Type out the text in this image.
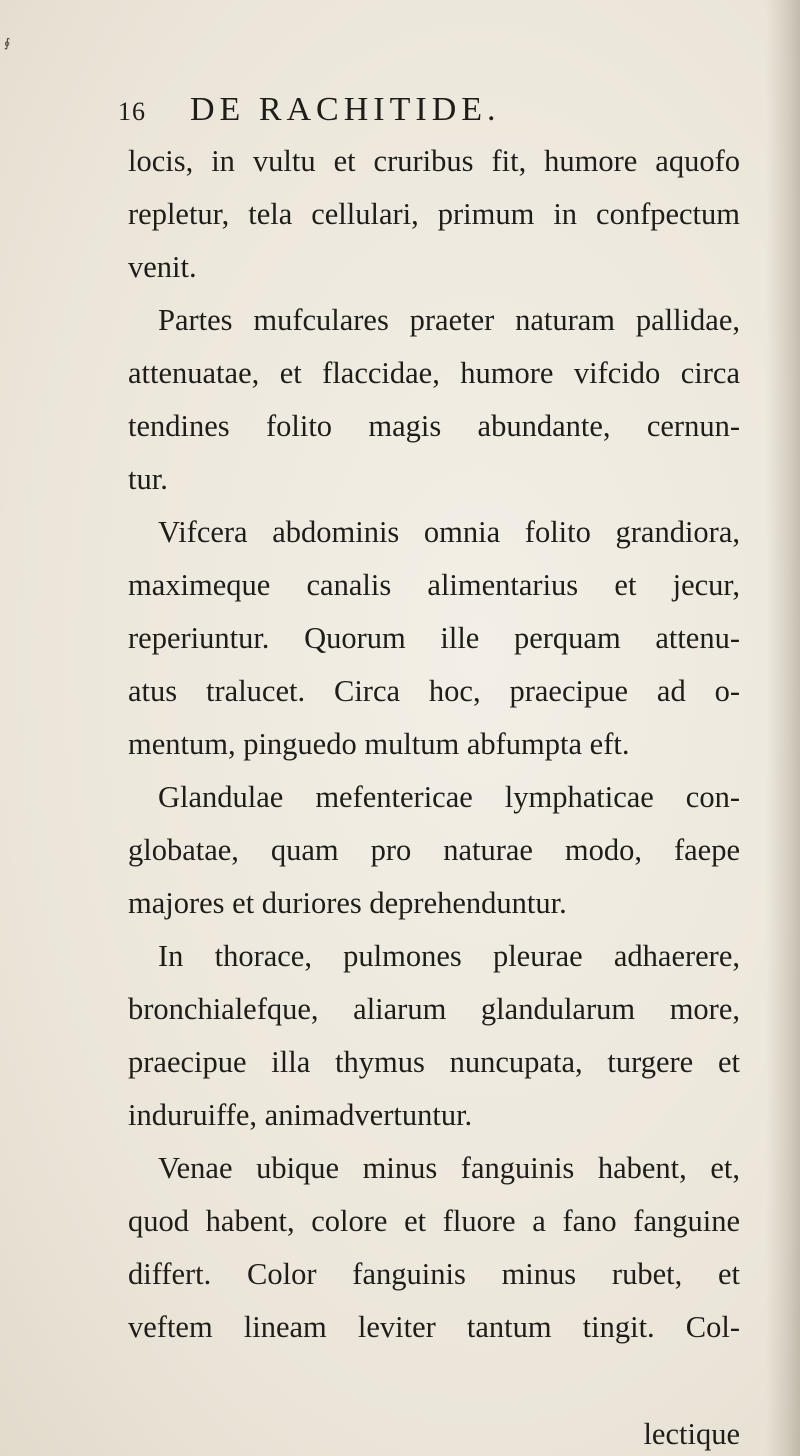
∮
16 DE RACHITIDE.
locis, in vultu et cruribus fit, humore aquofo
repletur, tela cellulari, primum in confpectum
venit.
Partes mufculares praeter naturam pallidae,
attenuatae, et flaccidae, humore vifcido circa
tendines folito magis abundante, cernun-
tur.
Vifcera abdominis omnia folito grandiora,
maximeque canalis alimentarius et jecur,
reperiuntur. Quorum ille perquam attenu-
atus tralucet. Circa hoc, praecipue ad o-
mentum, pinguedo multum abfumpta eft.
Glandulae mefentericae lymphaticae con-
globatae, quam pro naturae modo, faepe
majores et duriores deprehenduntur.
In thorace, pulmones pleurae adhaerere,
bronchialefque, aliarum glandularum more,
praecipue illa thymus nuncupata, turgere et
induruiffe, animadvertuntur.
Venae ubique minus fanguinis habent, et,
quod habent, colore et fluore a fano fanguine
differt. Color fanguinis minus rubet, et
veftem lineam leviter tantum tingit. Col-
lectique
